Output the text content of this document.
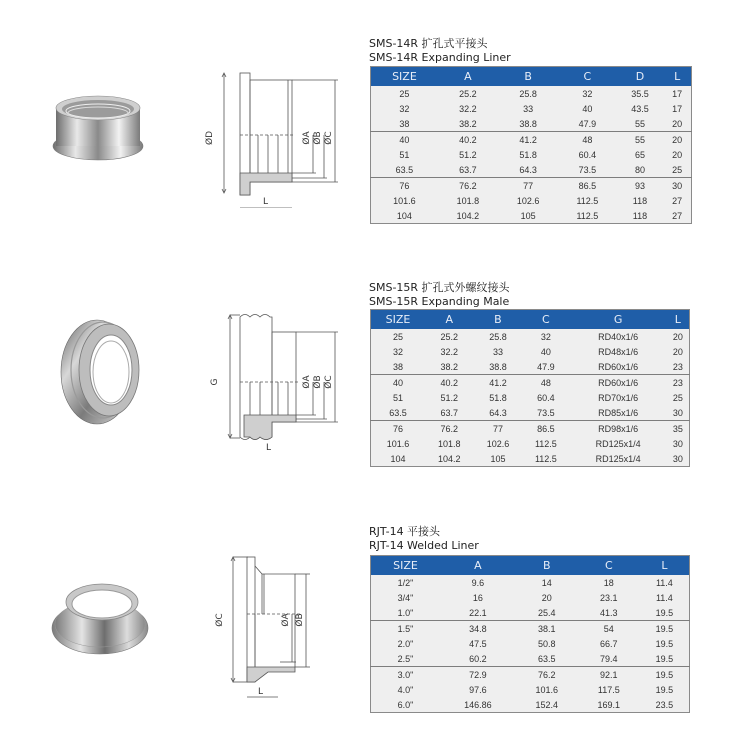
ØD	ØA ØB ØC
L
SMS-14R 扩孔式平接头
SMS-14R Expanding Liner
SIZE	A	B	C	D	L
25	25.2	25.8	32	35.5	17
32	32.2	33	40	43.5	17
38	38.2	38.8	47.9	55	20
40	40.2	41.2	48	55	20
51	51.2	51.8	60.4	65	20
63.5	63.7	64.3	73.5	80	25
76	76.2	77	86.5	93	30
101.6	101.8	102.6	112.5	118	27
104	104.2	105	112.5	118	27
G	ØA ØB ØC
L
SMS-15R 扩孔式外螺纹接头
SMS-15R Expanding Male
SIZE	A	B	C	G	L
25	25.2	25.8	32	RD40x1/6	20
32	32.2	33	40	RD48x1/6	20
38	38.2	38.8	47.9	RD60x1/6	23
40	40.2	41.2	48	RD60x1/6	23
51	51.2	51.8	60.4	RD70x1/6	25
63.5	63.7	64.3	73.5	RD85x1/6	30
76	76.2	77	86.5	RD98x1/6	35
101.6	101.8	102.6	112.5	RD125x1/4	30
104	104.2	105	112.5	RD125x1/4	30
ØC	ØA ØB
L
RJT-14 平接头
RJT-14 Welded Liner
SIZE	A	B	C	L
1/2"	9.6	14	18	11.4
3/4"	16	20	23.1	11.4
1.0"	22.1	25.4	41.3	19.5
1.5"	34.8	38.1	54	19.5
2.0"	47.5	50.8	66.7	19.5
2.5"	60.2	63.5	79.4	19.5
3.0"	72.9	76.2	92.1	19.5
4.0"	97.6	101.6	117.5	19.5
6.0"	146.86	152.4	169.1	23.5
